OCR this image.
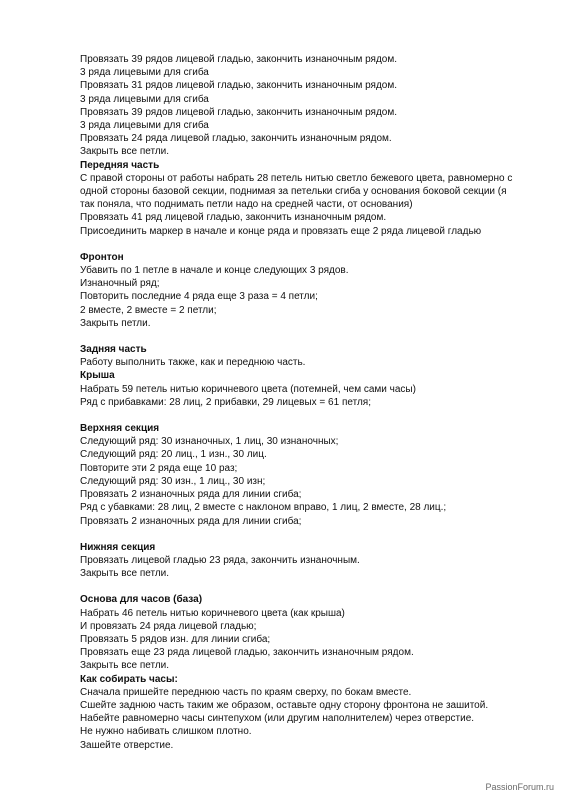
Провязать 39 рядов лицевой гладью, закончить изнаночным рядом.
3 ряда лицевыми для сгиба
Провязать 31 рядов лицевой гладью, закончить изнаночным рядом.
3 ряда лицевыми для сгиба
Провязать 39 рядов лицевой гладью, закончить изнаночным рядом.
3 ряда лицевыми для сгиба
Провязать 24 ряда лицевой гладью, закончить изнаночным рядом.
Закрыть все петли.
Передняя часть
С правой стороны от работы набрать 28 петель нитью светло бежевого цвета, равномерно с одной стороны базовой секции, поднимая за петельки сгиба у основания боковой секции (я так поняла, что поднимать петли надо на средней части, от основания)
Провязать 41 ряд лицевой гладью, закончить изнаночным рядом.
Присоединить маркер в начале и конце ряда и провязать еще 2 ряда лицевой гладью
Фронтон
Убавить по 1 петле в начале и конце следующих 3 рядов.
Изнаночный ряд;
Повторить последние 4 ряда еще 3 раза = 4 петли;
2 вместе, 2 вместе = 2 петли;
Закрыть петли.
Задняя часть
Работу выполнить также, как и переднюю часть.
Крыша
Набрать 59 петель нитью коричневого цвета (потемней, чем сами часы)
Ряд с прибавками: 28 лиц, 2 прибавки, 29 лицевых = 61 петля;
Верхняя секция
Следующий ряд: 30 изнаночных, 1 лиц, 30 изнаночных;
Следующий ряд: 20 лиц., 1 изн., 30 лиц.
Повторите эти 2 ряда еще 10 раз;
Следующий ряд: 30 изн., 1 лиц., 30 изн;
Провязать 2 изнаночных ряда для линии сгиба;
Ряд с убавками: 28 лиц, 2 вместе с наклоном вправо, 1 лиц, 2 вместе, 28 лиц.;
Провязать 2 изнаночных ряда для линии сгиба;
Нижняя секция
Провязать лицевой гладью 23 ряда, закончить изнаночным.
Закрыть все петли.
Основа для часов (база)
Набрать 46 петель нитью коричневого цвета (как крыша)
И провязать 24 ряда лицевой гладью;
Провязать 5 рядов изн. для линии сгиба;
Провязать еще 23 ряда лицевой гладью, закончить изнаночным рядом.
Закрыть все петли.
Как собирать часы:
Сначала пришейте переднюю часть по краям сверху, по бокам вместе.
Сшейте заднюю часть таким же образом, оставьте одну сторону фронтона не зашитой.
Набейте равномерно часы синтепухом (или другим наполнителем) через отверстие.
Не нужно набивать слишком плотно.
Зашейте отверстие.
PassionForum.ru
